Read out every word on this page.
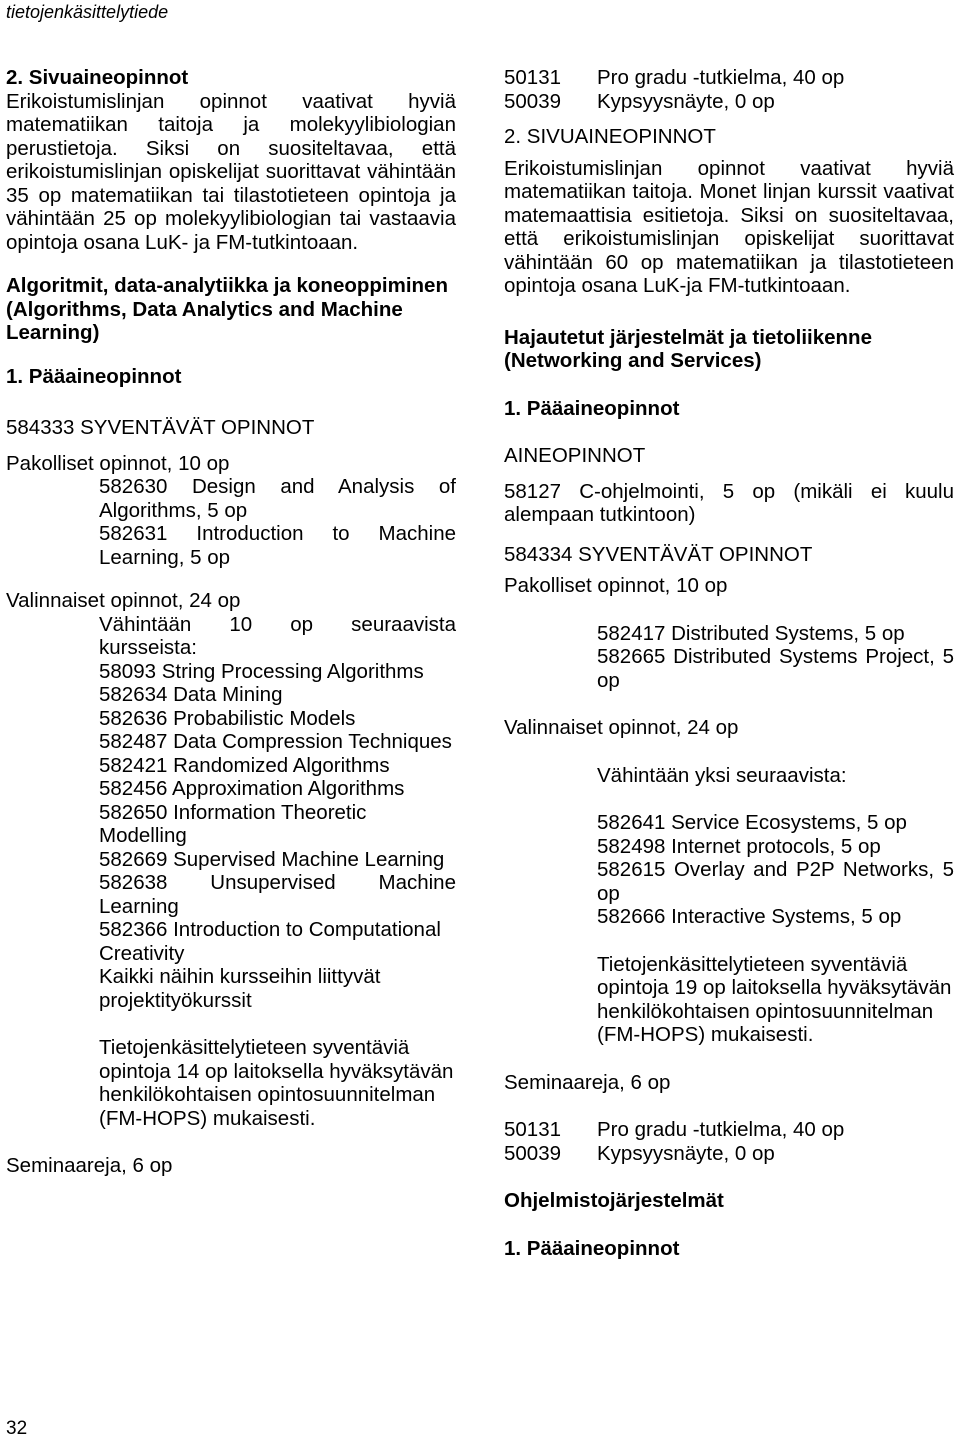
tietojenkäsittelytiede

2. Sivuaineopinnot

Erikoistumislinjan opinnot vaativat hyviä matematiikan taitoja ja molekyylibiologian perustietoja. Siksi on suositeltavaa, että erikoistumislinjan opiskelijat suorittavat vähintään 35 op matematiikan tai tilastotieteen opintoja ja vähintään 25 op molekyylibiologian tai vastaavia opintoja osana LuK- ja FM-tutkintoaan.

Algoritmit, data-analytiikka ja koneoppiminen (Algorithms, Data Analytics and Machine Learning)

1. Pääaineopinnot

584333 SYVENTÄVÄT OPINNOT

Pakolliset opinnot, 10 op

582630 Design and Analysis of Algorithms, 5 op

582631 Introduction to Machine Learning, 5 op

Valinnaiset opinnot, 24 op

Vähintään 10 op seuraavista kursseista:

58093 String Processing Algorithms

582634 Data Mining

582636 Probabilistic Models

582487 Data Compression Techniques

582421 Randomized Algorithms

582456 Approximation Algorithms

582650 Information Theoretic Modelling

582669 Supervised Machine Learning

582638 Unsupervised Machine Learning

582366 Introduction to Computational Creativity

Kaikki näihin kursseihin liittyvät projektityökurssit

Tietojenkäsittelytieteen syventäviä opintoja 14 op laitoksella hyväksytävän henkilökohtaisen opintosuunnitelman (FM-HOPS) mukaisesti.

Seminaareja, 6 op

50131	Pro gradu -tutkielma, 40 op
50039	Kypsyysnäyte, 0 op

2. SIVUAINEOPINNOT

Erikoistumislinjan opinnot vaativat hyviä matematiikan taitoja. Monet linjan kurssit vaativat matemaattisia esitietoja. Siksi on suositeltavaa, että erikoistumislinjan opiskelijat suorittavat vähintään 60 op matematiikan ja tilastotieteen opintoja osana LuK-ja FM-tutkintoaan.

Hajautetut järjestelmät ja tietoliikenne (Networking and Services)

1. Pääaineopinnot

AINEOPINNOT

58127 C-ohjelmointi, 5 op (mikäli ei kuulu alempaan tutkintoon)

584334 SYVENTÄVÄT OPINNOT

Pakolliset opinnot, 10 op

582417 Distributed Systems, 5 op

582665 Distributed Systems Project, 5 op

Valinnaiset opinnot, 24 op

Vähintään yksi seuraavista:

582641 Service Ecosystems, 5 op

582498 Internet protocols, 5 op

582615 Overlay and P2P Networks, 5 op

582666 Interactive Systems, 5 op

Tietojenkäsittelytieteen syventäviä opintoja 19 op laitoksella hyväksytävän henkilökohtaisen opintosuunnitelman (FM-HOPS) mukaisesti.

Seminaareja, 6 op

50131	Pro gradu -tutkielma, 40 op
50039	Kypsyysnäyte, 0 op

Ohjelmistojärjestelmät

1. Pääaineopinnot

32
